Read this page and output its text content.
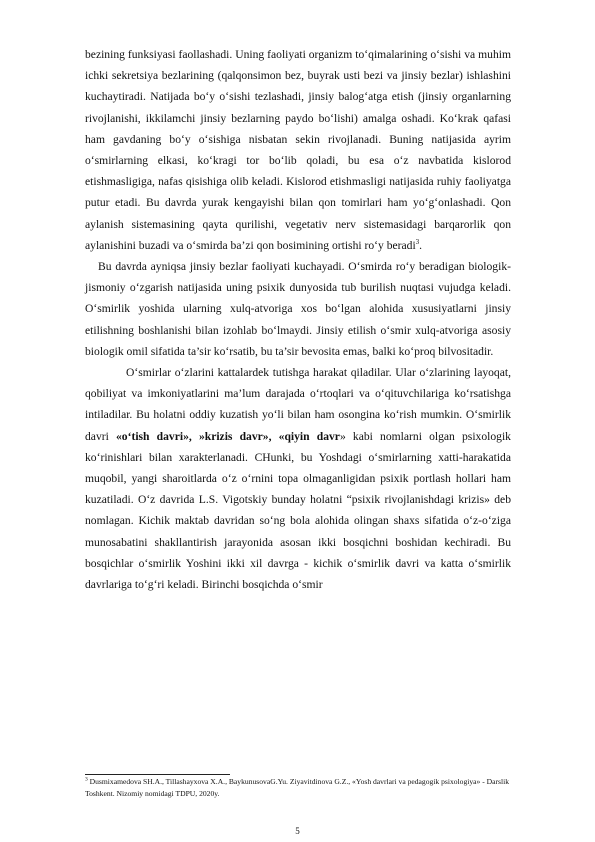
bezining funksiyasi faollashadi. Uning faoliyati organizm to‘qimalarining o‘sishi va muhim ichki sekretsiya bezlarining (qalqonsimon bez, buyrak usti bezi va jinsiy bezlar) ishlashini kuchaytiradi. Natijada bo‘y o‘sishi tezlashadi, jinsiy balog‘atga etish (jinsiy organlarning rivojlanishi, ikkilamchi jinsiy bezlarning paydo bo‘lishi) amalga oshadi. Ko‘krak qafasi ham gavdaning bo‘y o‘sishiga nisbatan sekin rivojlanadi. Buning natijasida ayrim o‘smirlarning elkasi, ko‘kragi tor bo‘lib qoladi, bu esa o‘z navbatida kislorod etishmasligiga, nafas qisishiga olib keladi. Kislorod etishmasligi natijasida ruhiy faoliyatga putur etadi. Bu davrda yurak kengayishi bilan qon tomirlari ham yo‘g‘onlashadi. Qon aylanish sistemasining qayta qurilishi, vegetativ nerv sistemasidagi barqarorlik qon aylanishini buzadi va o‘smirda ba’zi qon bosimining ortishi ro‘y beradi$^3$.

Bu davrda ayniqsa jinsiy bezlar faoliyati kuchayadi. O‘smirda ro‘y beradigan biologik-jismoniy o‘zgarish natijasida uning psixik dunyosida tub burilish nuqtasi vujudga keladi. O‘smirlik yoshida ularning xulq-atvoriga xos bo‘lgan alohida xususiyatlarni jinsiy etilishning boshlanishi bilan izohlab bo‘lmaydi. Jinsiy etilish o‘smir xulq-atvoriga asosiy biologik omil sifatida ta’sir ko‘rsatib, bu ta’sir bevosita emas, balki ko‘proq bilvositadir.

O‘smirlar o‘zlarini kattalardek tutishga harakat qiladilar. Ular o‘zlarining layoqat, qobiliyat va imkoniyatlarini ma’lum darajada o‘rtoqlari va o‘qituvchilariga ko‘rsatishga intiladilar. Bu holatni oddiy kuzatish yo‘li bilan ham osongina ko‘rish mumkin. O‘smirlik davri «o‘tish davri», »krizis davr», «qiyin davr» kabi nomlarni olgan psixologik ko‘rinishlari bilan xarakterlanadi. CHunki, bu Yoshdagi o‘smirlarning xatti-harakatida muqobil, yangi sharoitlarda o‘z o‘rnini topa olmaganligidan psixik portlash hollari ham kuzatiladi. O‘z davrida L.S. Vigotskiy bunday holatni “psixik rivojlanishdagi krizis» deb nomlagan. Kichik maktab davridan so‘ng bola alohida olingan shaxs sifatida o‘z-o‘ziga munosabatini shakllantirish jarayonida asosan ikki bosqichni boshidan kechiradi. Bu bosqichlar o‘smirlik Yoshini ikki xil davrga - kichik o‘smirlik davri va katta o‘smirlik davrlariga to‘g‘ri keladi. Birinchi bosqichda o‘smir

$^3$ Dusmixamedova SH.A., Tillashayxova X.A., BaykunusovaG.Yu. Ziyavitdinova G.Z., «Yosh davrlari va pedagogik psixologiya» - Darslik Toshkent. Nizomiy nomidagi TDPU, 2020y.
5
